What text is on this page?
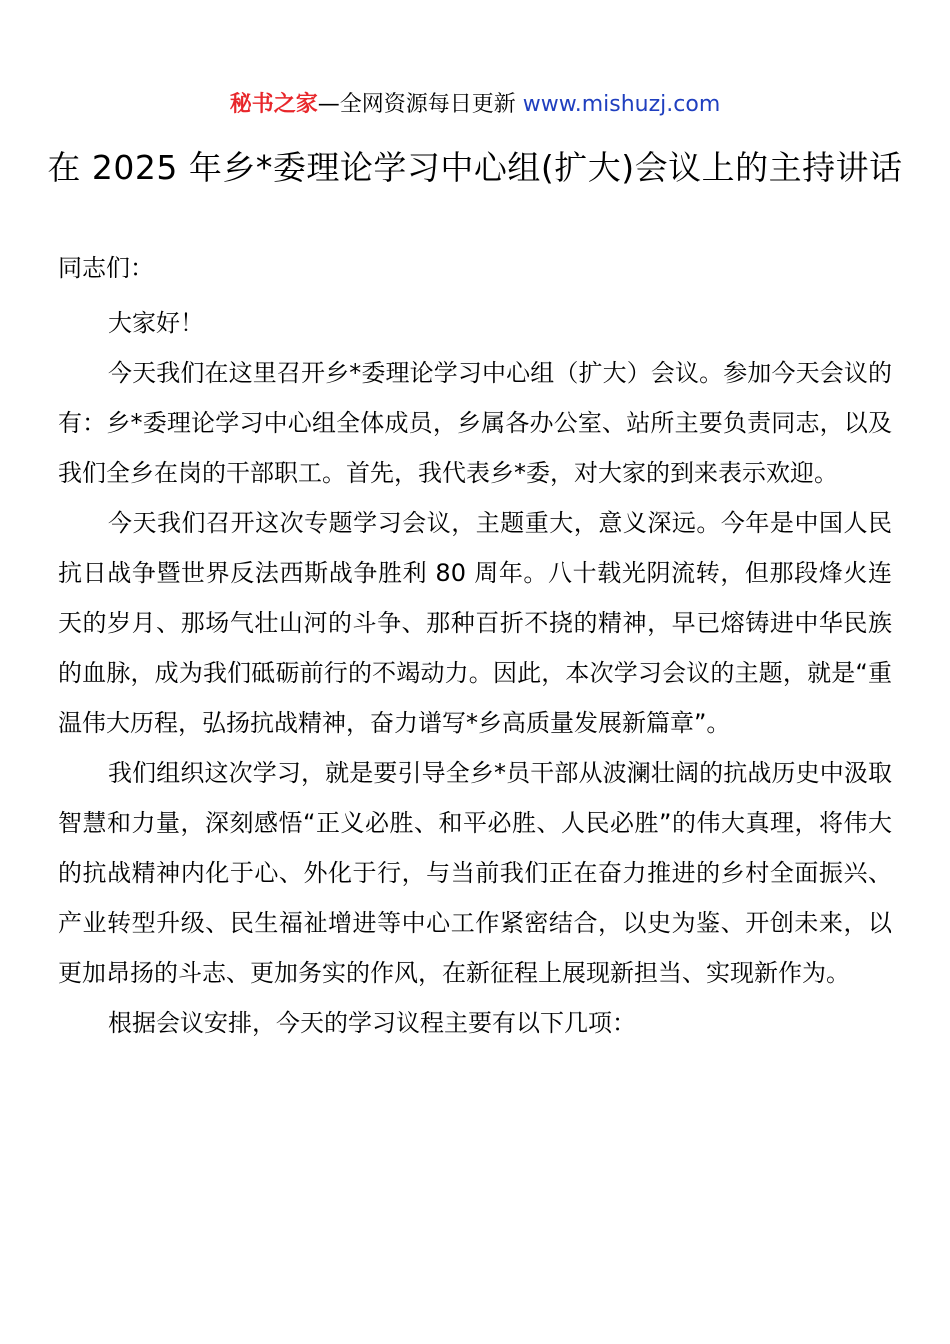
秘书之家—全网资源每日更新 www.mishuzj.com
在 2025 年乡*委理论学习中心组(扩大)会议上的主持讲话

同志们：

大家好！

今天我们在这里召开乡*委理论学习中心组（扩大）会议。参加今天会议的有：乡*委理论学习中心组全体成员，乡属各办公室、站所主要负责同志，以及我们全乡在岗的干部职工。首先，我代表乡*委，对大家的到来表示欢迎。

今天我们召开这次专题学习会议，主题重大，意义深远。今年是中国人民抗日战争暨世界反法西斯战争胜利 80 周年。八十载光阴流转，但那段烽火连天的岁月、那场气壮山河的斗争、那种百折不挠的精神，早已熔铸进中华民族的血脉，成为我们砥砺前行的不竭动力。因此，本次学习会议的主题，就是“重温伟大历程，弘扬抗战精神，奋力谱写*乡高质量发展新篇章”。

我们组织这次学习，就是要引导全乡*员干部从波澜壮阔的抗战历史中汲取智慧和力量，深刻感悟“正义必胜、和平必胜、人民必胜”的伟大真理，将伟大的抗战精神内化于心、外化于行，与当前我们正在奋力推进的乡村全面振兴、产业转型升级、民生福祉增进等中心工作紧密结合，以史为鉴、开创未来，以更加昂扬的斗志、更加务实的作风，在新征程上展现新担当、实现新作为。

根据会议安排，今天的学习议程主要有以下几项：
